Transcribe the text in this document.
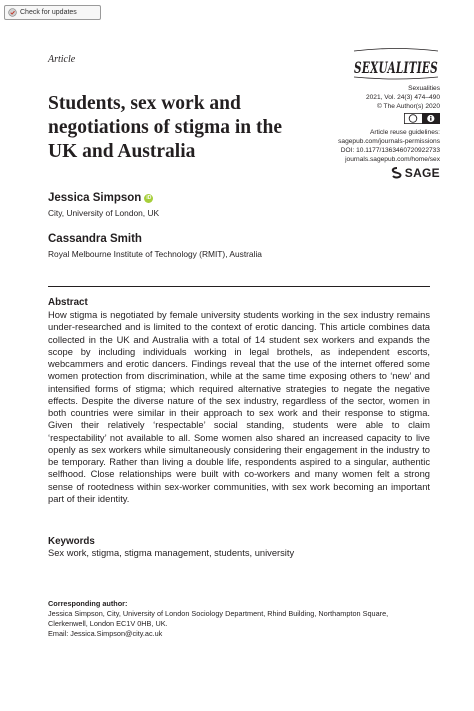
Check for updates
Article
Students, sex work and negotiations of stigma in the UK and Australia
SEXUALITIES
Sexualities
2021, Vol. 24(3) 474–490
© The Author(s) 2020
Article reuse guidelines:
sagepub.com/journals-permissions
DOI: 10.1177/1363460720922733
journals.sagepub.com/home/sex
SAGE
Jessica Simpson	iD
City, University of London, UK
Cassandra Smith
Royal Melbourne Institute of Technology (RMIT), Australia
Abstract

How stigma is negotiated by female university students working in the sex industry remains under-researched and is limited to the context of erotic dancing. This article combines data collected in the UK and Australia with a total of 14 student sex workers and expands the scope by including individuals working in legal brothels, as independent escorts, webcammers and erotic dancers. Findings reveal that the use of the internet offered some women protection from discrimination, while at the same time exposing others to ‘new’ and intensified forms of stigma; which required alternative strategies to negate the negative effects. Despite the diverse nature of the sex industry, regardless of the sector, women in both countries were similar in their approach to sex work and their response to stigma. Given their relatively ‘respectable’ social standing, students were able to claim ‘respectability’ not available to all. Some women also shared an increased capacity to live openly as sex workers while simultaneously considering their engagement in the industry to be temporary. Rather than living a double life, respondents aspired to a singular, authentic selfhood. Close relationships were built with co-workers and many women felt a strong sense of rootedness within sex-worker communities, with sex work becoming an important part of their identity.

Keywords
Sex work, stigma, stigma management, students, university
Corresponding author:
Jessica Simpson, City, University of London Sociology Department, Rhind Building, Northampton Square,
Clerkenwell, London EC1V 0HB, UK.
Email: Jessica.Simpson@city.ac.uk
